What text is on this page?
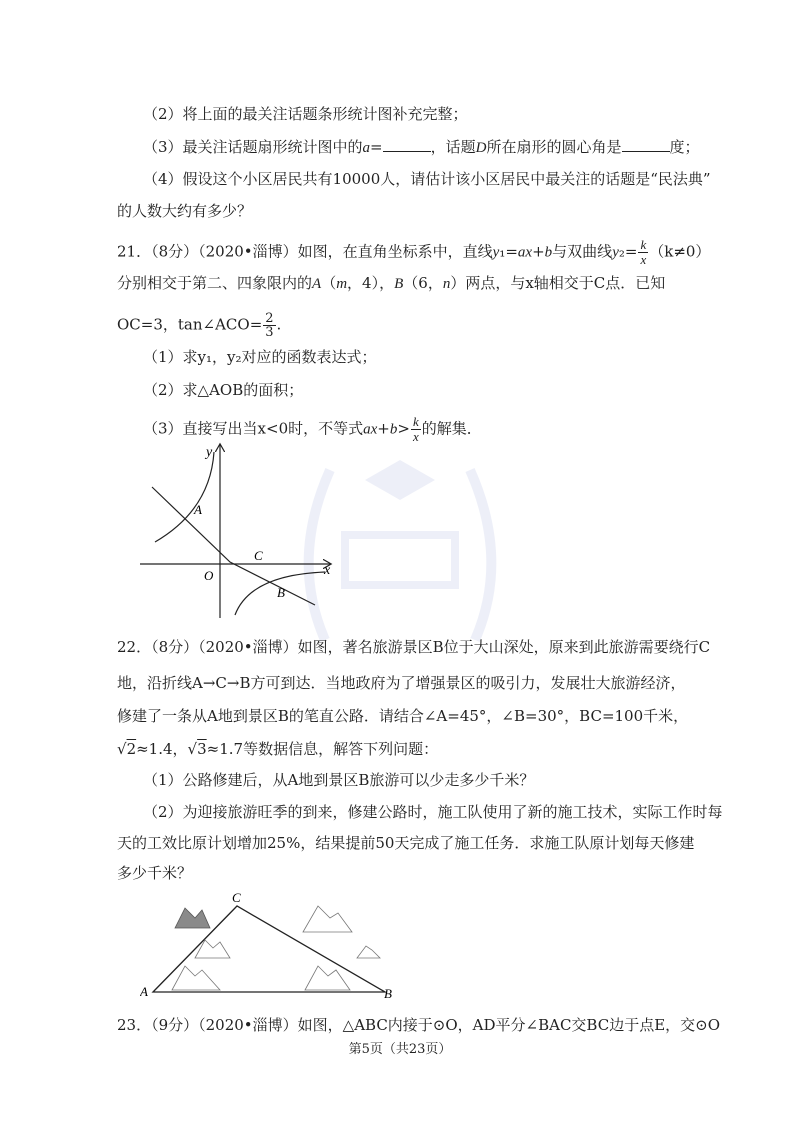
（2）将上面的最关注话题条形统计图补充完整；
（3）最关注话题扇形统计图中的a=	，话题D所在扇形的圆心角是	度；
（4）假设这个小区居民共有10000人，请估计该小区居民中最关注的话题是“民法典”
的人数大约有多少？
21．（8分）（2020•淄博）如图，在直角坐标系中，直线y₁=ax+b与双曲线$y_2= \frac{k}{x} (k\ne 0)$
分别相交于第二、四象限内的A（m，4），B（6，n）两点，与x轴相交于C点．已知
OC=3，tan∠ACO= $\frac{2}{3}$ .
（1）求y₁，y₂对应的函数表达式；
（2）求△AOB的面积；
（3）直接写出当x<0时，不等式$ax+b> \frac{k}{x}$ 的解集．
y
x
A
C
O
B
22．（8分）（2020•淄博）如图，著名旅游景区B位于大山深处，原来到此旅游需要绕行C
地，沿折线A→C→B方可到达．当地政府为了增强景区的吸引力，发展壮大旅游经济，
修建了一条从A地到景区B的笔直公路．请结合∠A=45°，∠B=30°，BC=100千米，
√2≈1.4，√3≈1.7等数据信息，解答下列问题：
（1）公路修建后，从A地到景区B旅游可以少走多少千米？
（2）为迎接旅游旺季的到来，修建公路时，施工队使用了新的施工技术，实际工作时每
天的工效比原计划增加25%，结果提前50天完成了施工任务．求施工队原计划每天修建
多少千米？
A
C
B
23．（9分）（2020•淄博）如图，△ABC内接于⊙O，AD平分∠BAC交BC边于点E，交⊙O
第5页（共23页）
